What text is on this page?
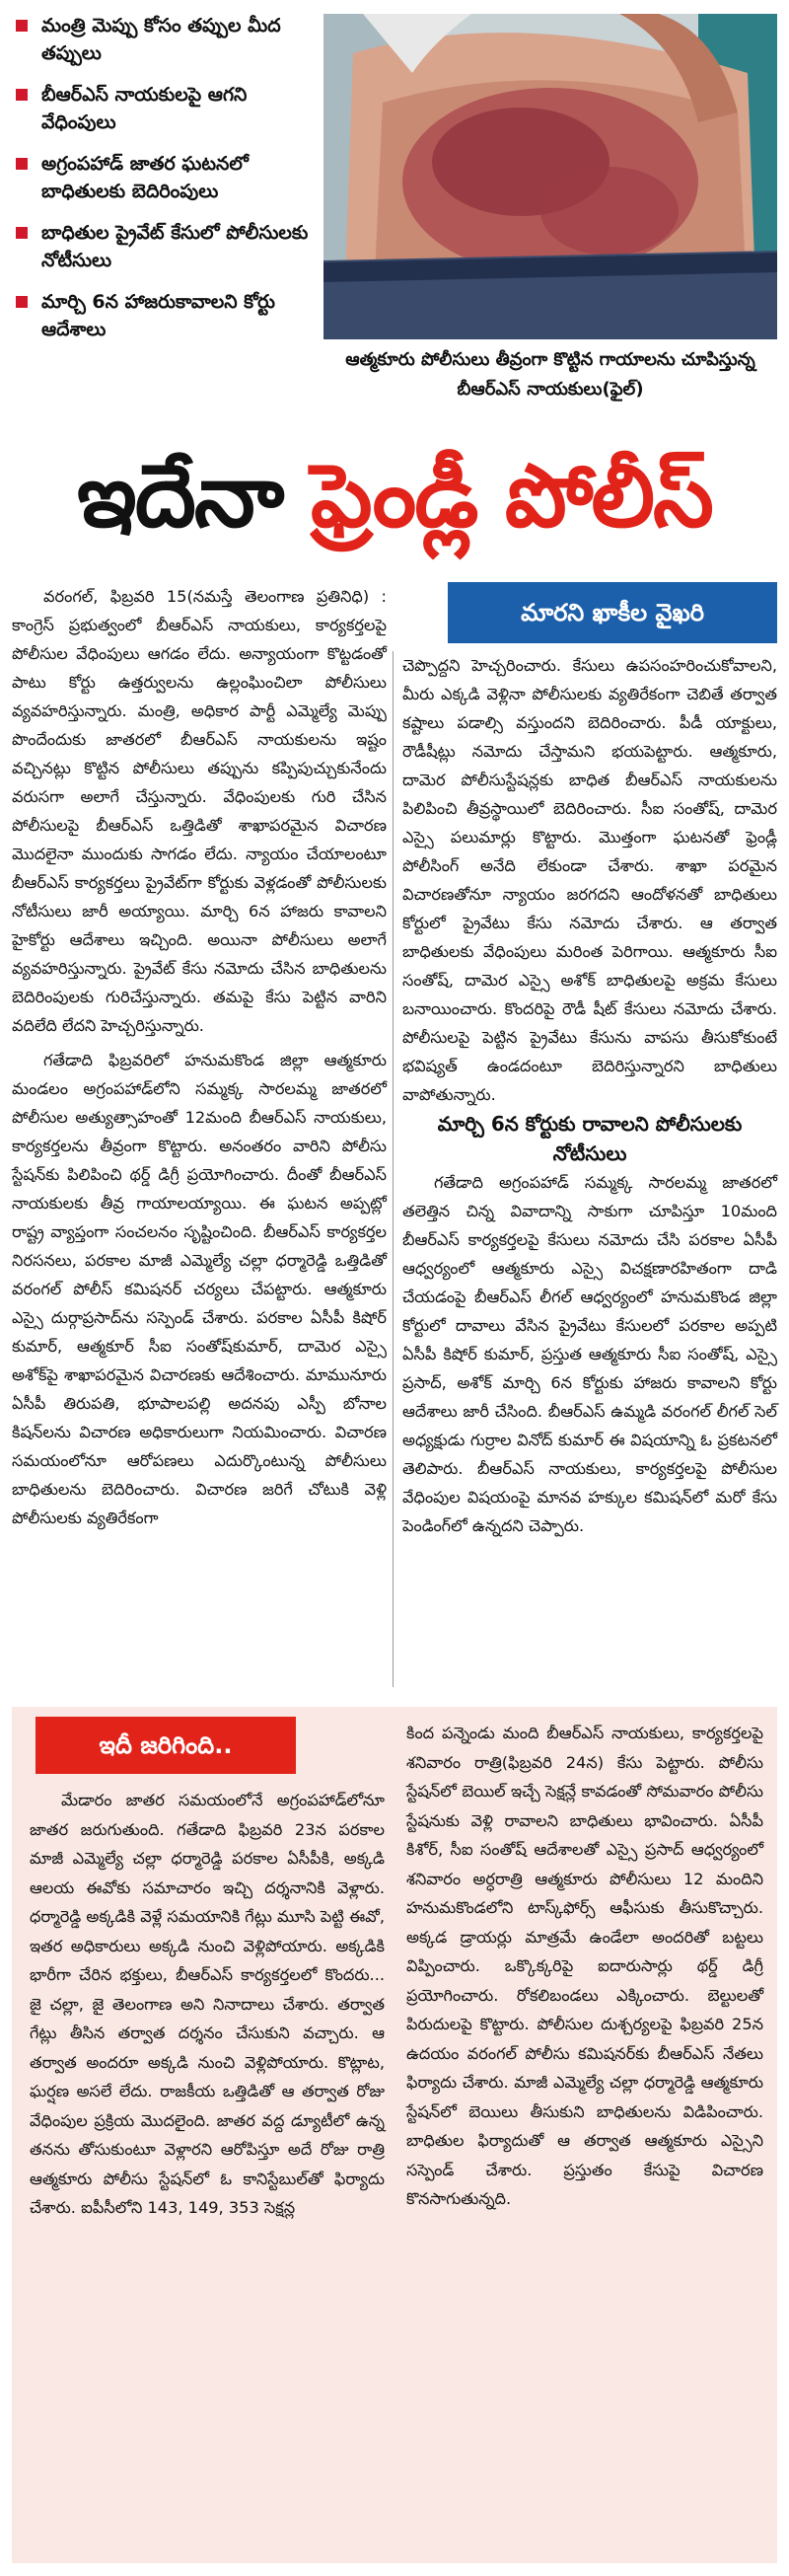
మంత్రి మెప్పు కోసం తప్పుల మీద తప్పులు
బీఆర్ఎస్ నాయకులపై ఆగని వేధింపులు
అగ్రంపహాడ్ జాతర ఘటనలో బాధితులకు బెదిరింపులు
బాధితుల ప్రైవేట్ కేసులో పోలీసులకు నోటీసులు
మార్చి 6న హాజరుకావాలని కోర్టు ఆదేశాలు
ఆత్మకూరు పోలీసులు తీవ్రంగా కొట్టిన గాయాలను చూపిస్తున్న బీఆర్ఎస్ నాయకులు(ఫైల్)
ఇదేనా ఫ్రెండ్లీ పోలీస్
మారని ఖాకీల వైఖరి

వరంగల్, ఫిబ్రవరి 15(నమస్తే తెలంగాణ ప్రతినిధి) : కాంగ్రెస్ ప్రభుత్వంలో బీఆర్ఎస్ నాయకులు, కార్యకర్తలపై పోలీసుల వేధింపులు ఆగడం లేదు. అన్యాయంగా కొట్టడంతో పాటు కోర్టు ఉత్తర్వులను ఉల్లంఘించిలా పోలీసులు వ్యవహరిస్తున్నారు. మంత్రి, అధికార పార్టీ ఎమ్మెల్యే మెప్పు పొందేందుకు జాతరలో బీఆర్ఎస్ నాయకులను ఇష్టం వచ్చినట్లు కొట్టిన పోలీసులు తప్పును కప్పిపుచ్చుకునేందు వరుసగా అలాగే చేస్తున్నారు. వేధింపులకు గురి చేసిన పోలీసులపై బీఆర్ఎస్ ఒత్తిడితో శాఖాపరమైన విచారణ మొదలైనా ముందుకు సాగడం లేదు. న్యాయం చేయాలంటూ బీఆర్ఎస్ కార్యకర్తలు ప్రైవేట్‌గా కోర్టుకు వెళ్లడంతో పోలీసులకు నోటీసులు జారీ అయ్యాయి. మార్చి 6న హాజరు కావాలని హైకోర్టు ఆదేశాలు ఇచ్చింది. అయినా పోలీసులు అలాగే వ్యవహరిస్తున్నారు. ప్రైవేట్ కేసు నమోదు చేసిన బాధితులను బెదిరింపులకు గురిచేస్తున్నారు. తమపై కేసు పెట్టిన వారిని వదిలేది లేదని హెచ్చరిస్తున్నారు.

గతేడాది ఫిబ్రవరిలో హనుమకొండ జిల్లా ఆత్మకూరు మండలం అగ్రంపహాడ్‌లోని సమ్మక్క సారలమ్మ జాతరలో పోలీసుల అత్యుత్సాహంతో 12మంది బీఆర్ఎస్ నాయకులు, కార్యకర్తలను తీవ్రంగా కొట్టారు. అనంతరం వారిని పోలీసు స్టేషన్‌కు పిలిపించి థర్డ్ డిగ్రీ ప్రయోగించారు. దీంతో బీఆర్ఎస్ నాయకులకు తీవ్ర గాయాలయ్యాయి. ఈ ఘటన అప్పట్లో రాష్ట్ర వ్యాప్తంగా సంచలనం సృష్టించింది. బీఆర్ఎస్ కార్యకర్తల నిరసనలు, పరకాల మాజీ ఎమ్మెల్యే చల్లా ధర్మారెడ్డి ఒత్తిడితో వరంగల్ పోలీస్ కమిషనర్ చర్యలు చేపట్టారు. ఆత్మకూరు ఎస్సై దుర్గాప్రసాద్‌ను సస్పెండ్ చేశారు. పరకాల ఏసీపీ కిషోర్ కుమార్, ఆత్మకూర్ సీఐ సంతోష్‌కుమార్, దామెర ఎస్సై అశోక్‌పై శాఖాపరమైన విచారణకు ఆదేశించారు. మామునూరు ఏసీపీ తిరుపతి, భూపాలపల్లి అదనపు ఎస్పీ బోనాల కిషన్‌లను విచారణ అధికారులుగా నియమించారు. విచారణ సమయంలోనూ ఆరోపణలు ఎదుర్కొంటున్న పోలీసులు బాధితులను బెదిరించారు. విచారణ జరిగే చోటుకి వెళ్లి పోలీసులకు వ్యతిరేకంగా

చెప్పొద్దని హెచ్చరించారు. కేసులు ఉపసంహరించుకోవాలని, మీరు ఎక్కడి వెళ్లినా పోలీసులకు వ్యతిరేకంగా చెబితే తర్వాత కష్టాలు పడాల్సి వస్తుందని బెదిరించారు. పీడీ యాక్టులు, రౌడీషీట్లు నమోదు చేస్తామని భయపెట్టారు. ఆత్మకూరు, దామెర పోలీసుస్టేషన్లకు బాధిత బీఆర్ఎస్ నాయకులను పిలిపించి తీవ్రస్థాయిలో బెదిరించారు. సీఐ సంతోష్, దామెర ఎస్సై పలుమార్లు కొట్టారు. మొత్తంగా ఘటనతో ఫ్రెండ్లీ పోలీసింగ్ అనేది లేకుండా చేశారు. శాఖా పరమైన విచారణతోనూ న్యాయం జరగదని ఆందోళనతో బాధితులు కోర్టులో ప్రైవేటు కేసు నమోదు చేశారు. ఆ తర్వాత బాధితులకు వేధింపులు మరింత పెరిగాయి. ఆత్మకూరు సీఐ సంతోష్, దామెర ఎస్సై అశోక్ బాధితులపై అక్రమ కేసులు బనాయించారు. కొందరిపై రౌడీ షీట్ కేసులు నమోదు చేశారు. పోలీసులపై పెట్టిన ప్రైవేటు కేసును వాపసు తీసుకోకుంటే భవిష్యత్ ఉండదంటూ బెదిరిస్తున్నారని బాధితులు వాపోతున్నారు.

మార్చి 6న కోర్టుకు రావాలని పోలీసులకు నోటీసులు

గతేడాది అగ్రంపహాడ్ సమ్మక్క సారలమ్మ జాతరలో తలెత్తిన చిన్న వివాదాన్ని సాకుగా చూపిస్తూ 10మంది బీఆర్ఎస్ కార్యకర్తలపై కేసులు నమోదు చేసి పరకాల ఏసీపీ ఆధ్వర్యంలో ఆత్మకూరు ఎస్సై విచక్షణారహితంగా దాడి చేయడంపై బీఆర్ఎస్ లీగల్ ఆధ్వర్యంలో హనుమకొండ జిల్లా కోర్టులో దావాలు వేసిన ప్రైవేటు కేసులలో పరకాల అప్పటి ఏసీపీ కిషోర్ కుమార్, ప్రస్తుత ఆత్మకూరు సీఐ సంతోష్, ఎస్సై ప్రసాద్, అశోక్ మార్చి 6న కోర్టుకు హాజరు కావాలని కోర్టు ఆదేశాలు జారీ చేసింది. బీఆర్ఎస్ ఉమ్మడి వరంగల్ లీగల్ సెల్ అధ్యక్షుడు గుర్రాల వినోద్ కుమార్ ఈ విషయాన్ని ఓ ప్రకటనలో తెలిపారు. బీఆర్ఎస్ నాయకులు, కార్యకర్తలపై పోలీసుల వేధింపుల విషయంపై మానవ హక్కుల కమిషన్‌లో మరో కేసు పెండింగ్‌లో ఉన్నదని చెప్పారు.

ఇదీ జరిగింది..

మేడారం జాతర సమయంలోనే అగ్రంపహాడ్‌లోనూ జాతర జరుగుతుంది. గతేడాది ఫిబ్రవరి 23న పరకాల మాజీ ఎమ్మెల్యే చల్లా ధర్మారెడ్డి పరకాల ఏసీపీకి, అక్కడి ఆలయ ఈవోకు సమాచారం ఇచ్చి దర్శనానికి వెళ్లారు. ధర్మారెడ్డి అక్కడికి వెళ్లే సమయానికి గేట్లు మూసి పెట్టి ఈవో, ఇతర అధికారులు అక్కడి నుంచి వెళ్లిపోయారు. అక్కడికి భారీగా చేరిన భక్తులు, బీఆర్ఎస్ కార్యకర్తలలో కొందరు... జై చల్లా, జై తెలంగాణ అని నినాదాలు చేశారు. తర్వాత గేట్లు తీసిన తర్వాత దర్శనం చేసుకుని వచ్చారు. ఆ తర్వాత అందరూ అక్కడి నుంచి వెళ్లిపోయారు. కొట్లాట, ఘర్షణ అసలే లేదు. రాజకీయ ఒత్తిడితో ఆ తర్వాత రోజు వేధింపుల ప్రక్రియ మొదలైంది. జాతర వద్ద డ్యూటీలో ఉన్న తనను తోసుకుంటూ వెళ్లారని ఆరోపిస్తూ అదే రోజు రాత్రి ఆత్మకూరు పోలీసు స్టేషన్‌లో ఓ కానిస్టేబుల్‌తో ఫిర్యాదు చేశారు. ఐపీసీలోని 143, 149, 353 సెక్షన్ల

కింద పన్నెండు మంది బీఆర్ఎస్ నాయకులు, కార్యకర్తలపై శనివారం రాత్రి(ఫిబ్రవరి 24న) కేసు పెట్టారు. పోలీసు స్టేషన్‌లో బెయిల్ ఇచ్చే సెక్షన్లే కావడంతో సోమవారం పోలీసు స్టేషనుకు వెళ్లి రావాలని బాధితులు భావించారు. ఏసీపీ కిశోర్, సీఐ సంతోష్ ఆదేశాలతో ఎస్సై ప్రసాద్ ఆధ్వర్యంలో శనివారం అర్ధరాత్రి ఆత్మకూరు పోలీసులు 12 మందిని హనుమకొండలోని టాస్క్‌ఫోర్స్ ఆఫీసుకు తీసుకొచ్చారు. అక్కడ డ్రాయర్లు మాత్రమే ఉండేలా అందరితో బట్టలు విప్పించారు. ఒక్కొక్కరిపై ఐదారుసార్లు థర్డ్ డిగ్రీ ప్రయోగించారు. రోకలిబండలు ఎక్కించారు. బెల్టులతో పిరుదులపై కొట్టారు. పోలీసుల దుశ్చర్యలపై ఫిబ్రవరి 25న ఉదయం వరంగల్ పోలీసు కమిషనర్‌కు బీఆర్ఎస్ నేతలు ఫిర్యాదు చేశారు. మాజీ ఎమ్మెల్యే చల్లా ధర్మారెడ్డి ఆత్మకూరు స్టేషన్‌లో బెయిలు తీసుకుని బాధితులను విడిపించారు. బాధితుల ఫిర్యాదుతో ఆ తర్వాత ఆత్మకూరు ఎస్సైని సస్పెండ్ చేశారు. ప్రస్తుతం కేసుపై విచారణ కొనసాగుతున్నది.
